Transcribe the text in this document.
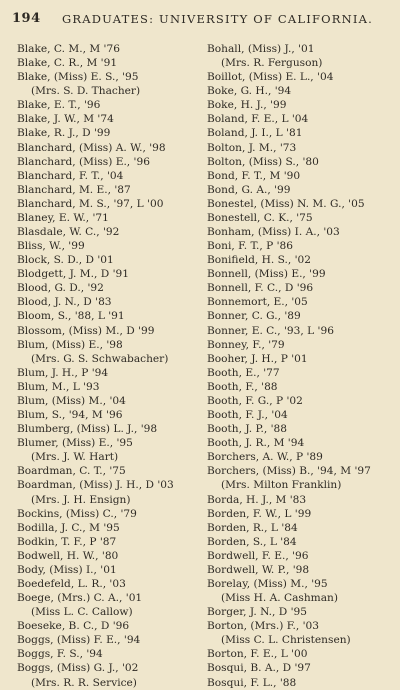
194 GRADUATES: UNIVERSITY OF CALIFORNIA.
Blake, C. M., M '76
Blake, C. R., M '91
Blake, (Miss) E. S., '95
(Mrs. S. D. Thacher)
Blake, E. T., '96
Blake, J. W., M '74
Blake, R. J., D '99
Blanchard, (Miss) A. W., '98
Blanchard, (Miss) E., '96
Blanchard, F. T., '04
Blanchard, M. E., '87
Blanchard, M. S., '97, L '00
Blaney, E. W., '71
Blasdale, W. C., '92
Bliss, W., '99
Block, S. D., D '01
Blodgett, J. M., D '91
Blood, G. D., '92
Blood, J. N., D '83
Bloom, S., '88, L '91
Blossom, (Miss) M., D '99
Blum, (Miss) E., '98
(Mrs. G. S. Schwabacher)
Blum, J. H., P '94
Blum, M., L '93
Blum, (Miss) M., '04
Blum, S., '94, M '96
Blumberg, (Miss) L. J., '98
Blumer, (Miss) E., '95
(Mrs. J. W. Hart)
Boardman, C. T., '75
Boardman, (Miss) J. H., D '03
(Mrs. J. H. Ensign)
Bockins, (Miss) C., '79
Bodilla, J. C., M '95
Bodkin, T. F., P '87
Bodwell, H. W., '80
Body, (Miss) I., '01
Boedefeld, L. R., '03
Boege, (Mrs.) C. A., '01
(Miss L. C. Callow)
Boeseke, B. C., D '96
Boggs, (Miss) F. E., '94
Boggs, F. S., '94
Boggs, (Miss) G. J., '02
(Mrs. R. R. Service)
Bohall, (Miss) J., '01
(Mrs. R. Ferguson)
Boillot, (Miss) E. L., '04
Boke, G. H., '94
Boke, H. J., '99
Boland, F. E., L '04
Boland, J. I., L '81
Bolton, J. M., '73
Bolton, (Miss) S., '80
Bond, F. T., M '90
Bond, G. A., '99
Bonestel, (Miss) N. M. G., '05
Bonestell, C. K., '75
Bonham, (Miss) I. A., '03
Boni, F. T., P '86
Bonifield, H. S., '02
Bonnell, (Miss) E., '99
Bonnell, F. C., D '96
Bonnemort, E., '05
Bonner, C. G., '89
Bonner, E. C., '93, L '96
Bonney, F., '79
Booher, J. H., P '01
Booth, E., '77
Booth, F., '88
Booth, F. G., P '02
Booth, F. J., '04
Booth, J. P., '88
Booth, J. R., M '94
Borchers, A. W., P '89
Borchers, (Miss) B., '94, M '97
(Mrs. Milton Franklin)
Borda, H. J., M '83
Borden, F. W., L '99
Borden, R., L '84
Borden, S., L '84
Bordwell, F. E., '96
Bordwell, W. P., '98
Borelay, (Miss) M., '95
(Miss H. A. Cashman)
Borger, J. N., D '95
Borton, (Mrs.) F., '03
(Miss C. L. Christensen)
Borton, F. E., L '00
Bosqui, B. A., D '97
Bosqui, F. L., '88
